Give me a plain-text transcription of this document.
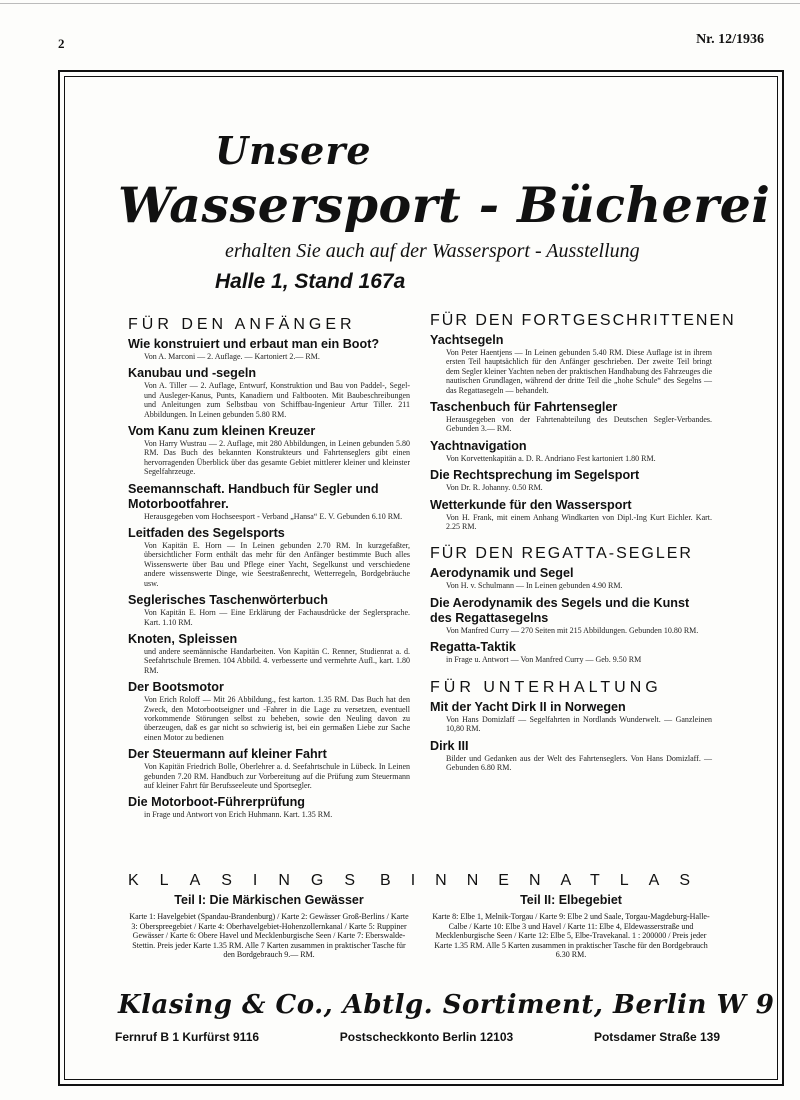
2	Nr. 12/1936
Unsere
Wassersport - Bücherei
erhalten Sie auch auf der Wassersport - Ausstellung
Halle 1, Stand 167a
FÜR DEN ANFÄNGER
Wie konstruiert und erbaut man ein Boot?
Von A. Marconi — 2. Auflage. — Kartoniert 2.— RM.
Kanubau und -segeln
Von A. Tiller — 2. Auflage, Entwurf, Konstruktion und Bau von Paddel-, Segel- und Ausleger-Kanus, Punts, Kanadiern und Faltbooten. Mit Baubeschreibungen und Anleitungen zum Selbstbau von Schiffbau-Ingenieur Artur Tiller. 211 Abbildungen. In Leinen gebunden 5.80 RM.
Vom Kanu zum kleinen Kreuzer
Von Harry Wustrau — 2. Auflage, mit 280 Abbildungen, in Leinen gebunden 5.80 RM. Das Buch des bekannten Konstrukteurs und Fahrtenseglers gibt einen hervorragenden Überblick über das gesamte Gebiet mittlerer kleiner und kleinster Segelfahrzeuge.
Seemannschaft. Handbuch für Segler und Motorbootfahrer.
Herausgegeben vom Hochseesport - Verband „Hansa“ E. V. Gebunden 6.10 RM.
Leitfaden des Segelsports
Von Kapitän E. Horn — In Leinen gebunden 2.70 RM. In kurzgefaßter, übersichtlicher Form enthält das mehr für den Anfänger bestimmte Buch alles Wissenswerte über Bau und Pflege einer Yacht, Segelkunst und verschiedene andere wissenswerte Dinge, wie Seestraßenrecht, Wetterregeln, Bordgebräuche usw.
Seglerisches Taschenwörterbuch
Von Kapitän E. Horn — Eine Erklärung der Fachausdrücke der Seglersprache. Kart. 1.10 RM.
Knoten, Spleissen
und andere seemännische Handarbeiten. Von Kapitän C. Renner, Studienrat a. d. Seefahrtschule Bremen. 104 Abbild. 4. verbesserte und vermehrte Aufl., kart. 1.80 RM.
Der Bootsmotor
Von Erich Roloff — Mit 26 Abbildung., fest karton. 1.35 RM. Das Buch hat den Zweck, den Motorbootseigner und -Fahrer in die Lage zu versetzen, eventuell vorkommende Störungen selbst zu beheben, sowie den Neuling davon zu überzeugen, daß es gar nicht so schwierig ist, bei ein germaßen Liebe zur Sache einen Motor zu bedienen
Der Steuermann auf kleiner Fahrt
Von Kapitän Friedrich Bolle, Oberlehrer a. d. Seefahrtschule in Lübeck. In Leinen gebunden 7.20 RM. Handbuch zur Vorbereitung auf die Prüfung zum Steuermann auf kleiner Fahrt für Berufsseeleute und Sportsegler.
Die Motorboot-Führerprüfung
in Frage und Antwort von Erich Huhmann. Kart. 1.35 RM.
FÜR DEN FORTGESCHRITTENEN
Yachtsegeln
Von Peter Haentjens — In Leinen gebunden 5.40 RM. Diese Auflage ist in ihrem ersten Teil hauptsächlich für den Anfänger geschrieben. Der zweite Teil bringt dem Segler kleiner Yachten neben der praktischen Handhabung des Fahrzeuges die nautischen Grundlagen, während der dritte Teil die „hohe Schule“ des Segelns — das Regattasegeln — behandelt.
Taschenbuch für Fahrtensegler
Herausgegeben von der Fahrtenabteilung des Deutschen Segler-Verbandes. Gebunden 3.— RM.
Yachtnavigation
Von Korvettenkapitän a. D. R. Andriano Fest kartoniert 1.80 RM.
Die Rechtsprechung im Segelsport
Von Dr. R. Johanny. 0.50 RM.
Wetterkunde für den Wassersport
Von H. Frank, mit einem Anhang Windkarten von Dipl.-Ing Kurt Eichler. Kart. 2.25 RM.
FÜR DEN REGATTA-SEGLER
Aerodynamik und Segel
Von H. v. Schulmann — In Leinen gebunden 4.90 RM.
Die Aerodynamik des Segels und die Kunst des Regattasegelns
Von Manfred Curry — 270 Seiten mit 215 Abbildungen. Gebunden 10.80 RM.
Regatta-Taktik
in Frage u. Antwort — Von Manfred Curry — Geb. 9.50 RM
FÜR UNTERHALTUNG
Mit der Yacht Dirk II in Norwegen
Von Hans Domizlaff — Segelfahrten in Nordlands Wunderwelt. — Ganzleinen 10,80 RM.
Dirk III
Bilder und Gedanken aus der Welt des Fahrtenseglers. Von Hans Domizlaff. — Gebunden 6.80 RM.
KLASINGS BINNENATLAS
Teil I: Die Märkischen Gewässer
Karte 1: Havelgebiet (Spandau-Brandenburg) / Karte 2: Gewässer Groß-Berlins / Karte 3: Oberspreegebiet / Karte 4: Oberhavelgebiet-Hohenzollernkanal / Karte 5: Ruppiner Gewässer / Karte 6: Obere Havel und Mecklenburgische Seen / Karte 7: Eberswalde-Stettin. Preis jeder Karte 1.35 RM. Alle 7 Karten zusammen in praktischer Tasche für den Bordgebrauch 9.— RM.
Teil II: Elbegebiet
Karte 8: Elbe 1, Melnik-Torgau / Karte 9: Elbe 2 und Saale, Torgau-Magdeburg-Halle-Calbe / Karte 10: Elbe 3 und Havel / Karte 11: Elbe 4, Eldewasserstraße und Mecklenburgische Seen / Karte 12: Elbe 5, Elbe-Travekanal. 1 : 200000 / Preis jeder Karte 1.35 RM. Alle 5 Karten zusammen in praktischer Tasche für den Bordgebrauch 6.30 RM.
Klasing & Co., Abtlg. Sortiment, Berlin W 9
Fernruf B 1 Kurfürst 9116	Postscheckkonto Berlin 12103	Potsdamer Straße 139
